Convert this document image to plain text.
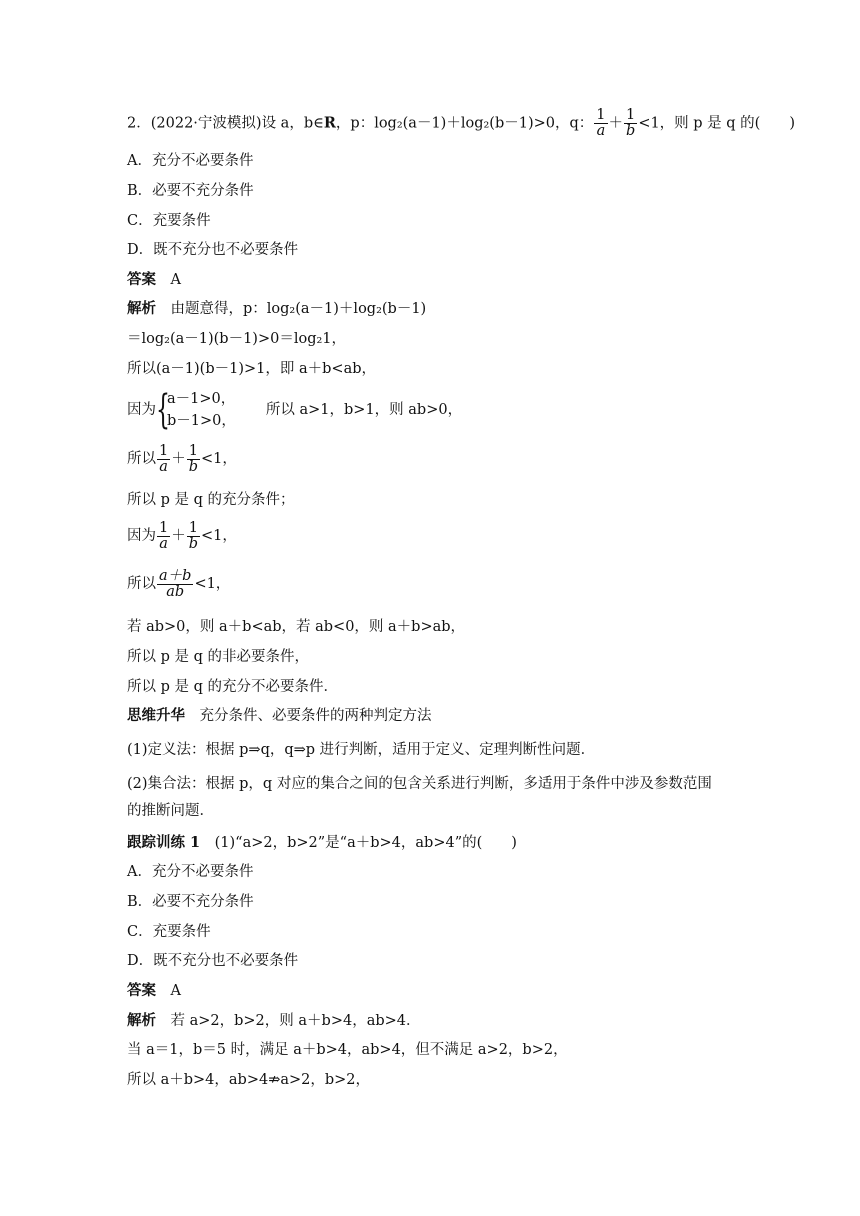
2．(2022·宁波模拟)设 a，b∈R，p：log₂(a－1)＋log₂(b－1)>0，q： $\frac{1}{a} + \frac{1}{b} <1$，则 p 是 q 的(　　)
A．充分不必要条件
B．必要不充分条件
C．充要条件
D．既不充分也不必要条件
答案　A
解析　由题意得，p：log₂(a－1)＋log₂(b－1)
＝log₂(a－1)(b－1)>0＝log₂1，
所以(a－1)(b－1)>1，即 a＋b<ab，
因为 {
a－1>0，
b－1>0，
所以 a>1，b>1，则 ab>0，
所以 $\frac{1}{a} + \frac{1}{b} <1$，
所以 p 是 q 的充分条件；
因为 $\frac{1}{a} + \frac{1}{b} <1$，
所以 $\frac{a+b}{ab} <1$，
若 ab>0，则 a＋b<ab，若 ab<0，则 a＋b>ab，
所以 p 是 q 的非必要条件，
所以 p 是 q 的充分不必要条件．
思维升华　充分条件、必要条件的两种判定方法
(1)定义法：根据 p⇒q，q⇒p 进行判断，适用于定义、定理判断性问题．
(2)集合法：根据 p，q 对应的集合之间的包含关系进行判断，多适用于条件中涉及参数范围
的推断问题．
跟踪训练 1　(1)“a>2，b>2”是“a＋b>4，ab>4”的(　　)
A．充分不必要条件
B．必要不充分条件
C．充要条件
D．既不充分也不必要条件
答案　A
解析　若 a>2，b>2，则 a＋b>4，ab>4．
当 a＝1，b＝5 时，满足 a＋b>4，ab>4，但不满足 a>2，b>2，
所以 a＋b>4，ab>4⇏a>2，b>2，
